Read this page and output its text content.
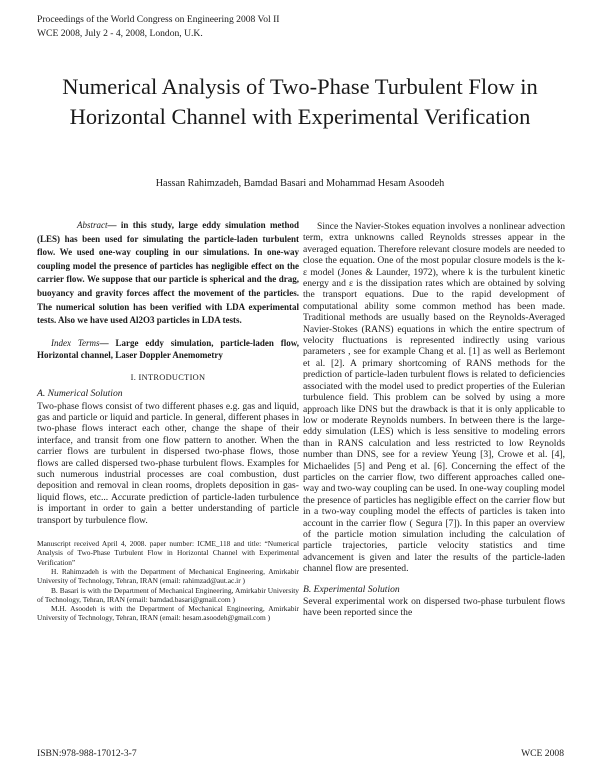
Proceedings of the World Congress on Engineering 2008 Vol II
WCE 2008, July 2 - 4, 2008, London, U.K.
Numerical Analysis of Two-Phase Turbulent Flow in Horizontal Channel with Experimental Verification
Hassan Rahimzadeh, Bamdad Basari and Mohammad Hesam Asoodeh

Abstract— in this study, large eddy simulation method (LES) has been used for simulating the particle-laden turbulent flow. We used one-way coupling in our simulations. In one-way coupling model the presence of particles has negligible effect on the carrier flow. We suppose that our particle is spherical and the drag, buoyancy and gravity forces affect the movement of the particles. The numerical solution has been verified with LDA experimental tests. Also we have used Al2O3 particles in LDA tests.

Index Terms— Large eddy simulation, particle-laden flow, Horizontal channel, Laser Doppler Anemometry

I. INTRODUCTION
A. Numerical Solution

Two-phase flows consist of two different phases e.g. gas and liquid, gas and particle or liquid and particle. In general, different phases in two-phase flows interact each other, change the shape of their interface, and transit from one flow pattern to another. When the carrier flows are turbulent in dispersed two-phase flows, those flows are called dispersed two-phase turbulent flows. Examples for such numerous industrial processes are coal combustion, dust deposition and removal in clean rooms, droplets deposition in gas-liquid flows, etc... Accurate prediction of particle-laden turbulence is important in order to gain a better understanding of particle transport by turbulence flow.

Manuscript received April 4, 2008. paper number: ICME_118 and title: “Numerical Analysis of Two-Phase Turbulent Flow in Horizontal Channel with Experimental Verification”

H. Rahimzadeh is with the Department of Mechanical Engineering, Amirkabir University of Technology, Tehran, IRAN (email: rahimzad@aut.ac.ir )

B. Basari is with the Department of Mechanical Engineering, Amirkabir University of Technology, Tehran, IRAN (email: bamdad.basari@gmail.com )

M.H. Asoodeh is with the Department of Mechanical Engineering, Amirkabir University of Technology, Tehran, IRAN (email: hesam.asoodeh@gmail.com )

Since the Navier-Stokes equation involves a nonlinear advection term, extra unknowns called Reynolds stresses appear in the averaged equation. Therefore relevant closure models are needed to close the equation. One of the most popular closure models is the k-ε model (Jones & Launder, 1972), where k is the turbulent kinetic energy and ε is the dissipation rates which are obtained by solving the transport equations. Due to the rapid development of computational ability some common method has been made. Traditional methods are usually based on the Reynolds-Averaged Navier-Stokes (RANS) equations in which the entire spectrum of velocity fluctuations is represented indirectly using various parameters , see for example Chang et al. [1] as well as Berlemont et al. [2]. A primary shortcoming of RANS methods for the prediction of particle-laden turbulent flows is related to deficiencies associated with the model used to predict properties of the Eulerian turbulence field. This problem can be solved by using a more approach like DNS but the drawback is that it is only applicable to low or moderate Reynolds numbers. In between there is the large-eddy simulation (LES) which is less sensitive to modeling errors than in RANS calculation and less restricted to low Reynolds number than DNS, see for a review Yeung [3], Crowe et al. [4], Michaelides [5] and Peng et al. [6]. Concerning the effect of the particles on the carrier flow, two different approaches called one-way and two-way coupling can be used. In one-way coupling model the presence of particles has negligible effect on the carrier flow but in a two-way coupling model the effects of particles is taken into account in the carrier flow ( Segura [7]). In this paper an overview of the particle motion simulation including the calculation of particle trajectories, particle velocity statistics and time advancement is given and later the results of the particle-laden channel flow are presented.

B. Experimental Solution

Several experimental work on dispersed two-phase turbulent flows have been reported since the

ISBN:978-988-17012-3-7	WCE 2008
